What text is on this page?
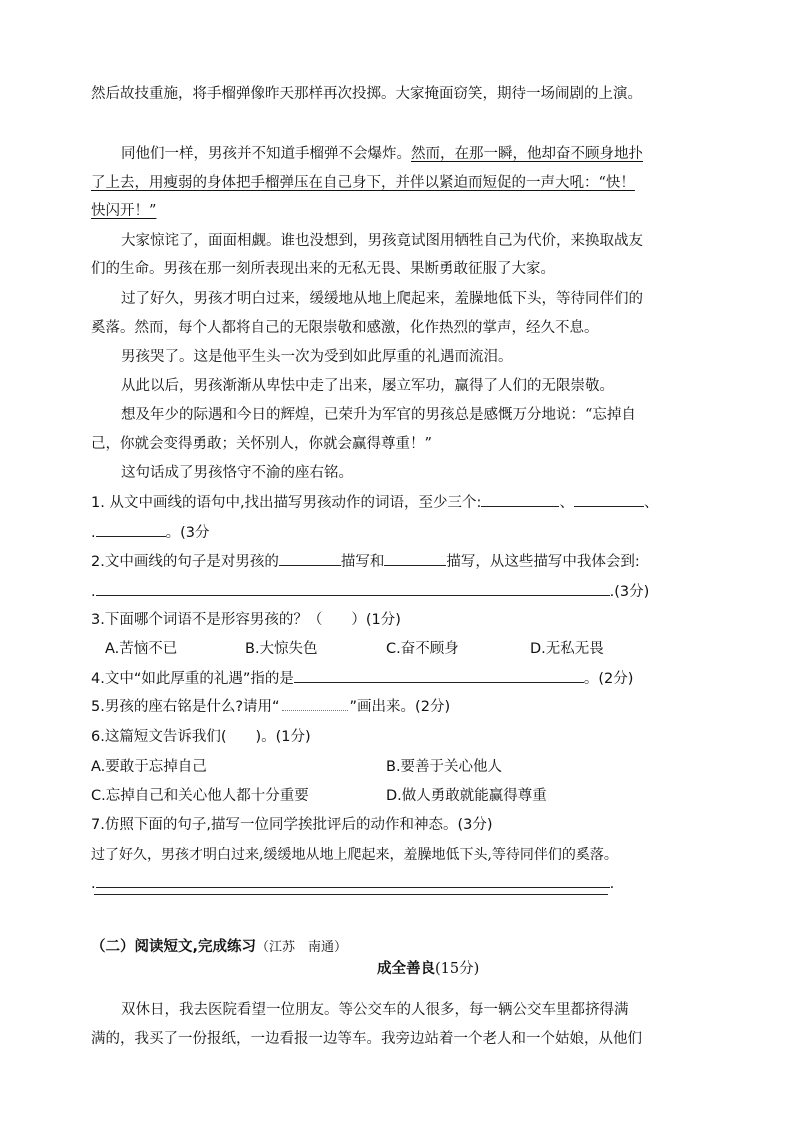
然后故技重施，将手榴弹像昨天那样再次投掷。大家掩面窃笑，期待一场闹剧的上演。
同他们一样，男孩并不知道手榴弹不会爆炸。然而，在那一瞬，他却奋不顾身地扑
了上去，用瘦弱的身体把手榴弹压在自己身下，并伴以紧迫而短促的一声大吼：“快！
快闪开！”
大家惊诧了，面面相觑。谁也没想到，男孩竟试图用牺牲自己为代价，来换取战友
们的生命。男孩在那一刻所表现出来的无私无畏、果断勇敢征服了大家。
过了好久，男孩才明白过来，缓缓地从地上爬起来，羞臊地低下头，等待同伴们的
奚落。然而，每个人都将自己的无限崇敬和感激，化作热烈的掌声，经久不息。
男孩哭了。这是他平生头一次为受到如此厚重的礼遇而流泪。
从此以后，男孩渐渐从卑怯中走了出来，屡立军功，赢得了人们的无限崇敬。
想及年少的际遇和今日的辉煌，已荣升为军官的男孩总是感慨万分地说：“忘掉自
己，你就会变得勇敢；关怀别人，你就会赢得尊重！”
这句话成了男孩恪守不渝的座右铭。
1. 从文中画线的语句中,找出描写男孩动作的词语，至少三个:	、	、
.	。(3分
2.文中画线的句子是对男孩的	描写和	描写，从这些描写中我体会到:
.	.(3分)
3.下面哪个词语不是形容男孩的？（　　）(1分)
A.苦恼不已	B.大惊失色	C.奋不顾身	D.无私无畏
4.文中“如此厚重的礼遇”指的是	。(2分)
5.男孩的座右铭是什么?请用“	”画出来。(2分)
6.这篇短文告诉我们(　　)。(1分)
A.要敢于忘掉自己	B.要善于关心他人
C.忘掉自己和关心他人都十分重要	D.做人勇敢就能赢得尊重
7.仿照下面的句子,描写一位同学挨批评后的动作和神态。(3分)
过了好久，男孩才明白过来,缓缓地从地上爬起来，羞臊地低下头,等待同伴们的奚落。
.	.
（二）阅读短文,完成练习（江苏　南通）
成全善良(15分)
双休日，我去医院看望一位朋友。等公交车的人很多，每一辆公交车里都挤得满
满的，我买了一份报纸，一边看报一边等车。我旁边站着一个老人和一个姑娘，从他们
